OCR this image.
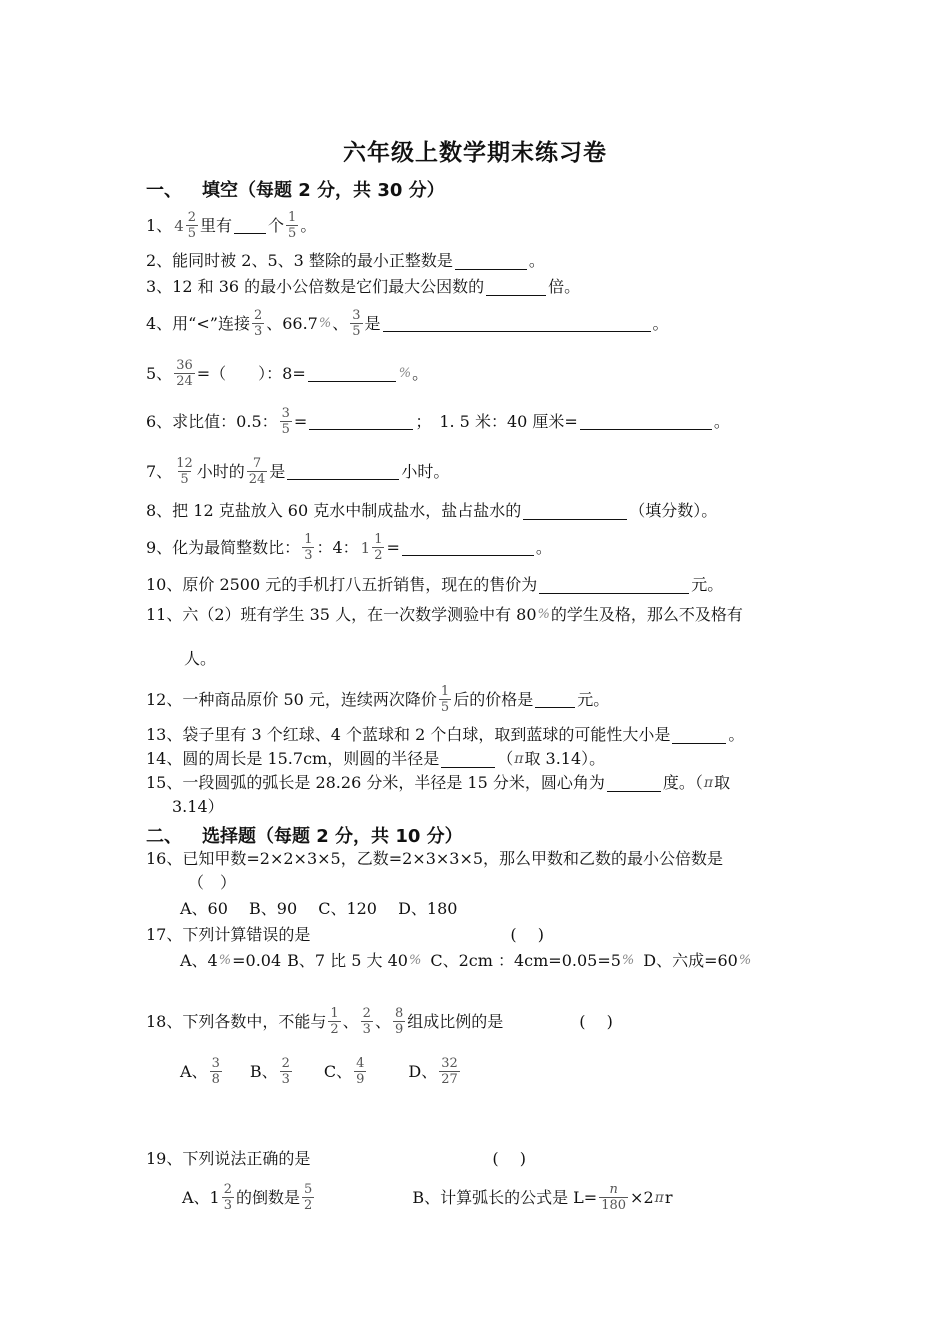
六年级上数学期末练习卷
一、 填空（每题 2 分，共 30 分）
1、 $4 \frac{2}{5}$ 里有 个 $\frac{1}{5}$ 。
2、能同时被 2、5、3 整除的最小正整数是	。
3、12 和 36 的最小公倍数是它们最大公因数的	倍。
4、用“<”连接 $\frac{2}{3}$ 、66.7 % 、 $\frac{3}{5}$ 是	。
5、 $\frac{36}{24}$ =（　　）：8=	% 。
6、求比值：0.5： $\frac{3}{5}$ =	；　1. 5 米：40 厘米=	。
7、 $\frac{12}{5}$ 小时的 $\frac{7}{24}$ 是	小时。
8、把 12 克盐放入 60 克水中制成盐水，盐占盐水的	（填分数）。
9、化为最简整数比： $\frac{1}{3}$ ：4： $1 \frac{1}{2}$ =	。
10、原价 2500 元的手机打八五折销售，现在的售价为	元。
11、六（2）班有学生 35 人，在一次数学测验中有 80 % 的学生及格，那么不及格有
人。
12、一种商品原价 50 元，连续两次降价 $\frac{1}{5}$ 后的价格是	元。
13、袋子里有 3 个红球、4 个蓝球和 2 个白球，取到蓝球的可能性大小是	。
14、圆的周长是 15.7cm，则圆的半径是	（ π 取 3.14）。
15、一段圆弧的弧长是 28.26 分米，半径是 15 分米，圆心角为	度。（ π 取
3.14）
二、 选择题（每题 2 分，共 10 分）
16、已知甲数=2×2×3×5，乙数=2×3×3×5，那么甲数和乙数的最小公倍数是
（　）
A、60　 B、90　 C、120　 D、180
17、下列计算错误的是	(　 )
A、4 % =0.04 B、7 比 5 大 40 % C、2cm ：4cm=0.05=5 % D、六成=60 %
18、下列各数中，不能与 $\frac{1}{2}$ 、 $\frac{2}{3}$ 、 $\frac{8}{9}$ 组成比例的是	(　 )
A、 $\frac{3}{8}$ B、 $\frac{2}{3}$ C、 $\frac{4}{9}$	D、 $\frac{32}{27}$
19、下列说法正确的是	(　 )
A、$1 \frac{2}{3}$ 的倒数是 $\frac{5}{2}$	B、计算弧长的公式是 $L= \frac{n}{180} \times 2$ π r
